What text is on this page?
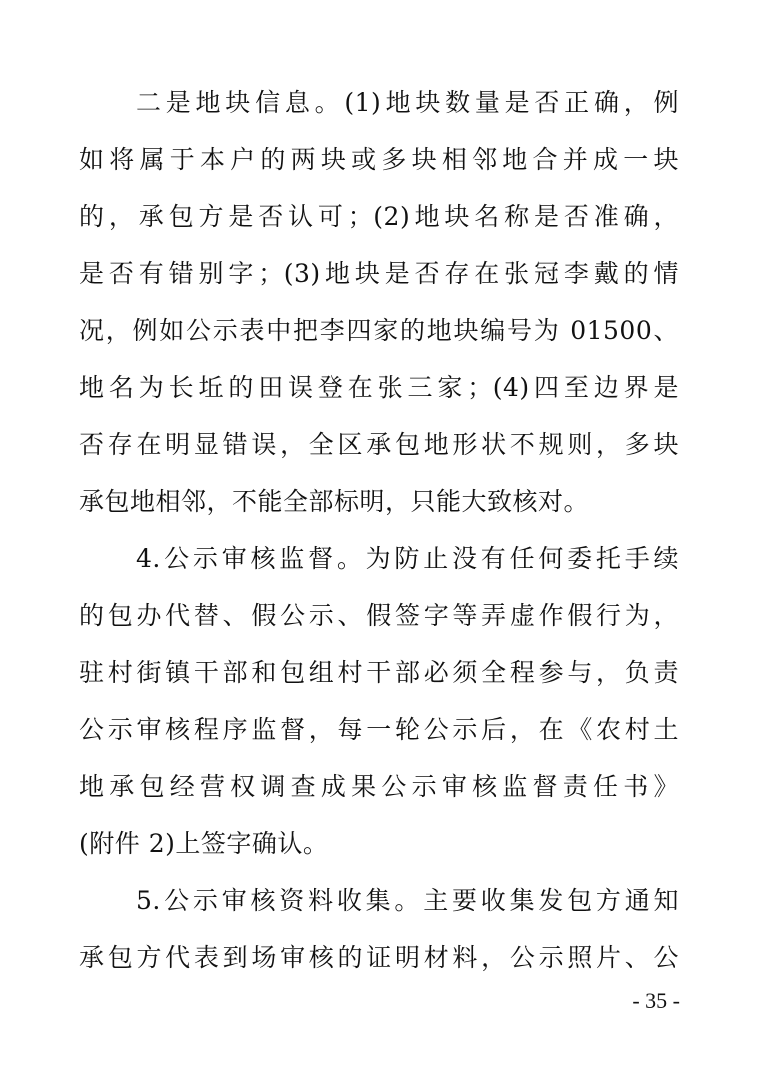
二是地块信息。(1)地块数量是否正确，例
如将属于本户的两块或多块相邻地合并成一块
的，承包方是否认可；(2)地块名称是否准确，
是否有错别字；(3)地块是否存在张冠李戴的情
况，例如公示表中把李四家的地块编号为 01500、
地名为长坵的田误登在张三家；(4)四至边界是
否存在明显错误，全区承包地形状不规则，多块
承包地相邻，不能全部标明，只能大致核对。
4.公示审核监督。为防止没有任何委托手续
的包办代替、假公示、假签字等弄虚作假行为，
驻村街镇干部和包组村干部必须全程参与，负责
公示审核程序监督，每一轮公示后，在《农村土
地承包经营权调查成果公示审核监督责任书》
(附件 2)上签字确认。
5.公示审核资料收集。主要收集发包方通知
承包方代表到场审核的证明材料，公示照片、公
- 35 -
